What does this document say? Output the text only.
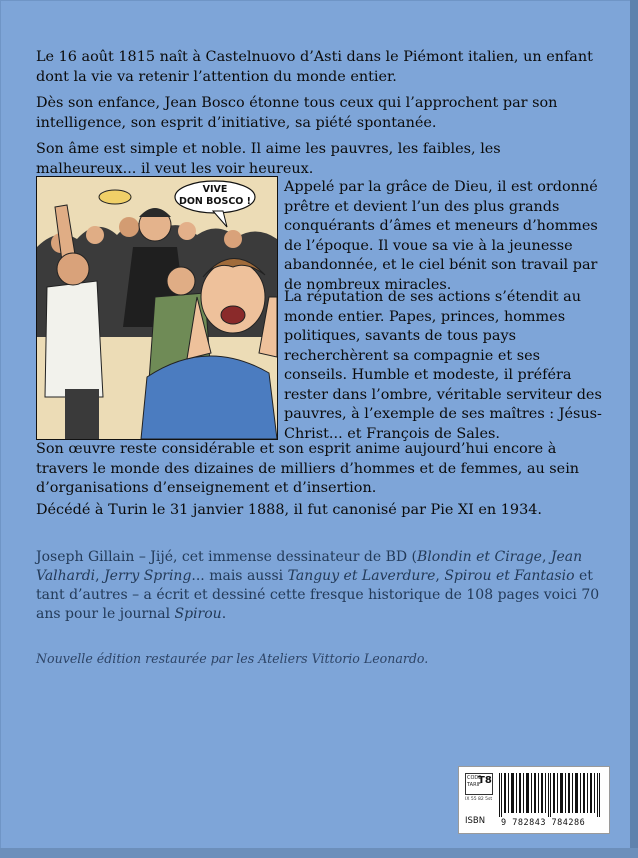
Le 16 août 1815 naît à Castelnuovo d’Asti dans le Piémont italien, un enfant dont la vie va retenir l’attention du monde entier.
Dès son enfance, Jean Bosco étonne tous ceux qui l’approchent par son intelligence, son esprit d’initiative, sa piété spontanée.
Son âme est simple et noble. Il aime les pauvres, les faibles, les malheureux... il veut les voir heureux.
VIVE
DON BOSCO !
Appelé par la grâce de Dieu, il est ordonné prêtre et devient l’un des plus grands conquérants d’âmes et meneurs d’hommes de l’époque. Il voue sa vie à la jeunesse abandonnée, et le ciel bénit son travail par de nombreux miracles.
La réputation de ses actions s’étendit au monde entier. Papes, princes, hommes politiques, savants de tous pays recherchèrent sa compagnie et ses conseils. Humble et modeste, il préféra rester dans l’ombre, véritable serviteur des pauvres, à l’exemple de ses maîtres : Jésus-Christ... et François de Sales.
Son œuvre reste considérable et son esprit anime aujourd’hui encore à travers le monde des dizaines de milliers d’hommes et de femmes, au sein d’organisations d’enseignement et d’insertion.
Décédé à Turin le 31 janvier 1888, il fut canonisé par Pie XI en 1934.
Joseph Gillain – Jijé, cet immense dessinateur de BD (Blondin et Cirage, Jean Valhardi, Jerry Spring... mais aussi Tanguy et Laverdure, Spirou et Fantasio et tant d’autres – a écrit et dessiné cette fresque historique de 108 pages voici 70 ans pour le journal Spirou.
Nouvelle édition restaurée par les Ateliers Vittorio Leonardo.
CODE TARIF
T8
IX 55 82 5st
ISBN 9 782843 784286
